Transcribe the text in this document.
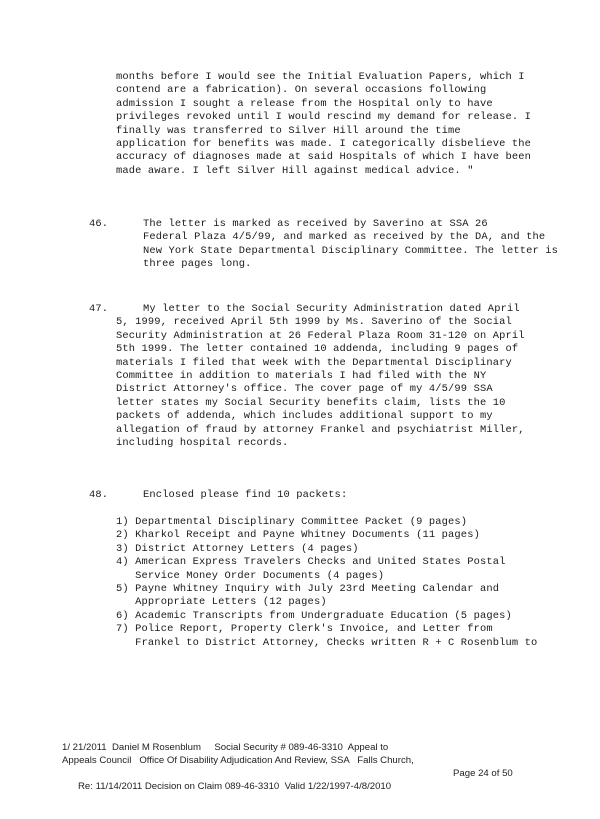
months before I would see the Initial Evaluation Papers, which I
contend are a fabrication). On several occasions following
admission I sought a release from the Hospital only to have
privileges revoked until I would rescind my demand for release. I
finally was transferred to Silver Hill around the time
application for benefits was made. I categorically disbelieve the
accuracy of diagnoses made at said Hospitals of which I have been
made aware. I left Silver Hill against medical advice. "
46.	The letter is marked as received by Saverino at SSA 26
Federal Plaza 4/5/99, and marked as received by the DA, and the
New York State Departmental Disciplinary Committee. The letter is
three pages long.
47.	My letter to the Social Security Administration dated April
5, 1999, received April 5th 1999 by Ms. Saverino of the Social
Security Administration at 26 Federal Plaza Room 31-120 on April
5th 1999. The letter contained 10 addenda, including 9 pages of
materials I filed that week with the Departmental Disciplinary
Committee in addition to materials I had filed with the NY
District Attorney's office. The cover page of my 4/5/99 SSA
letter states my Social Security benefits claim, lists the 10
packets of addenda, which includes additional support to my
allegation of fraud by attorney Frankel and psychiatrist Miller,
including hospital records.
48.	Enclosed please find 10 packets:
1) Departmental Disciplinary Committee Packet (9 pages)
2) Kharkol Receipt and Payne Whitney Documents (11 pages)
3) District Attorney Letters (4 pages)
4) American Express Travelers Checks and United States Postal
Service Money Order Documents (4 pages)
5) Payne Whitney Inquiry with July 23rd Meeting Calendar and
Appropriate Letters (12 pages)
6) Academic Transcripts from Undergraduate Education (5 pages)
7) Police Report, Property Clerk's Invoice, and Letter from
Frankel to District Attorney, Checks written R + C Rosenblum to
1/ 21/2011  Daniel M Rosenblum     Social Security # 089-46-3310  Appeal to
Appeals Council   Office Of Disability Adjudication And Review, SSA   Falls Church,

Re: 11/14/2011 Decision on Claim 089-46-3310  Valid 1/22/1997-4/8/2010

Page 24 of 50
